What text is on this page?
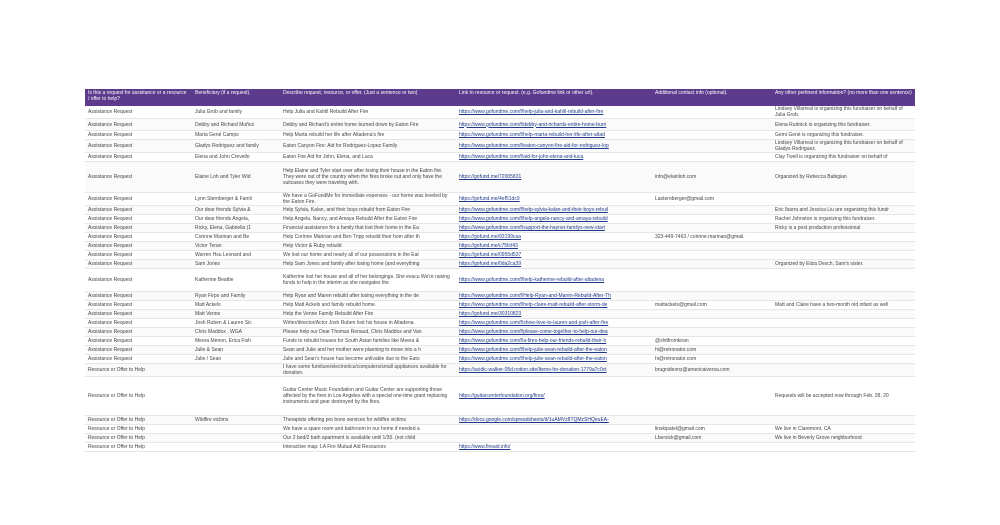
Is this a request for assistance or a resource / offer to help?	Beneficiary (if a request).	Describe request, resource, or offer. (Just a sentence or two)	Link to resource or request. (e.g. Gofundme link or other url).	Additional contact info (optional).	Any other pertinent information? (no more than one sentence)
Assistance Request	Julia Grob and family	Help Julia and Kahlil Rebuild After Fire	https://www.gofundme.com/f/help-julia-and-kahlil-rebuild-after-fire		Lindsey Villarreal is organizing this fundraiser on behalf of Julia Grob.
Assistance Request	Debby and Richard Muñoz	Debby and Richard's entire home burned down by Eaton Fire	https://www.gofundme.com/f/debby-and-richards-entire-home-burn		Elena Rudnick is organizing this fundraiser.
Assistance Request	Marta Gené Camps	Help Marta rebuild her life after Altadena's fire	https://www.gofundme.com/f/help-marta-rebuild-her-life-after-altad		Gemi Gené is organizing this fundraiser.
Assistance Request	Gladys Rodriguez and family	Eaton Canyon Fire: Aid for Rodriguez-Lopez Family	https://www.gofundme.com/f/eaton-canyon-fire-aid-for-rodriguez-lop		Lindsey Villarreal is organizing this fundraiser on behalf of Gladys Rodriguez.
Assistance Request	Elena and John Crevello	Eaton Fire Aid for John, Elena, and Luca	https://www.gofundme.com/f/aid-for-john-elena-and-luca		Clay Twell is organizing this fundraiser on behalf of
Assistance Request	Elaine Loh and Tyler Wid	Help Elaine and Tyler start over after losing their house in the Eaton fire. They were out of the country when the fires broke out and only have the suitcases they were traveling with.	https://gofund.me/72005831	info@elainloh.com	Organized by Rebecca Babigian
Assistance Request	Lynn Sternberger & Famil	We have a GoFundMe for immediate expenses - our home was leveled by the Eaton Fire.	https://gofund.me/4ef51dc9	Lasternberger@gmail.com	
Assistance Request	Our dear friends Sylvia &	Help Sylvia, Kalan, and their boys rebuild from Eaton Fire	https://www.gofundme.com/f/help-sylvia-kalan-and-their-boys-rebuil		Eric Ibarra and Jessica Liu are organizing this fundr
Assistance Request	Our dear friends Angela,	Help Angela, Nancy, and Amaya Rebuild After the Eaton Fire	https://www.gofundme.com/f/help-angela-nancy-and-amaya-rebuild		Rachel Johnston is organizing this fundraiser.
Assistance Request	Ricky, Elena, Gabriella (1	Financial assistance for a family that lost their home in the Ea	https://www.gofundme.com/f/support-the-hayner-familys-new-start		Ricky is a post production professional
Assistance Request	Corinne Marinan and Be	Help Corinne Marinan and Ben Tripp rebuild their hom after th	https://gofund.me/93199caa	323-449-7463 / corinne.marinan@gmail.	
Assistance Request	Victor Teran	Help Victor & Ruby rebuild	https://gofund.me/c75fcf43		
Assistance Request	Warren Hsu Leonard and	We lost our home and nearly all of our possessions in the Eat	https://gofund.me/0955d537		
Assistance Request	Sam Jones	Help Sam Jones and family after losing home (and everything	https://gofund.me/0da2ca39		Organized by Eliza Desch, Sam's sister.
Assistance Request	Katherine Beattie	Katherine lost her house and all of her belongings. She evacu We're raising funds to help in the interim as she navigates the	https://www.gofundme.com/f/help-katherine-rebuild-after-altadena		
Assistance Request	Ryan Firpo and Family	Help Ryan and Maren rebuild after losing everything in the de	https://www.gofundme.com/f/Help-Ryan-and-Maren-Rebuild-After-Th		
Assistance Request	Matt Ackels	Help Matt Ackels and family rebuild home.	https://www.gofundme.com/f/help-claire-matt-rebuild-after-storm-de	mattackels@gmail.com	Matt and Claire have a two-month old infant as well
Assistance Request	Matt Venne	Help the Venne Family Rebuild After Fire	https://gofund.me/30310823		
Assistance Request	Josh Ruben & Lauren Sic	Writer/director/Actor Josh Ruben lost his house in Altadena	https://www.gofundme.com/f/show-love-to-lauren-and-josh-after-fire		
Assistance Request	Chris Maddox , WGA	Please help our Dear Thomas Renaud, Chris Maddox and Van	https://www.gofundme.com/f/please-come-together-to-help-our-dea		
Assistance Request	Meera Menon, Erica Fish	Funds to rebuild houses for South Asian families like Meera &	https://www.gofundme.com/f/a-fires-help-our-friends-rebuild-their-h	@shitfromkiran	
Assistance Request	Julie & Sean	Sean and Julie and her mother were planning to move into a h	https://www.gofundme.com/f/help-julie-sean-rebuild-after-the-eaton	hi@retronator.com	
Assistance Request	Julie / Sean	Julie and Sean's house has become unlivable due to the Eato	https://www.gofundme.com/f/help-julie-sean-rebuild-after-the-eaton	hi@retronator.com	
Resource or Offer to Help		I have some furniture/electronics/computers/small appliances available for donation.	https://acidic-walker-05d.notion.site/Items-for-donation-1779a7c0ct	brugnideonz@americaiversa.com	
Resource or Offer to Help		Guitar Center Music Foundation and Guitar Center are supporting those affected by the fires in Los Angeles with a special one-time grant replacing instruments and gear destroyed by the fires.	https://guitarcenterfoundation.org/fires/		Requests will be accepted now through Feb. 28, 20
Resource or Offer to Help	Wildfire victims	Therapists offering pro bono services for wildfire victims	https://docs.google.com/spreadsheets/d/1uAMVz8TQMzSHQeuEA-		
Resource or Offer to Help		We have a spare room and bathroom in our home if needed a		linskipatel@gmail.com	We live in Claremont, CA
Resource or Offer to Help		Our 2 bed/2 bath apartment is available until 1/30. (not child		Lbersick@gmail.com	We live in Beverly Grove neighborhood
Resource or Offer to Help		Interactive map: LA Fire Mutual Aid Resources	https://www.fireaid.info/		
